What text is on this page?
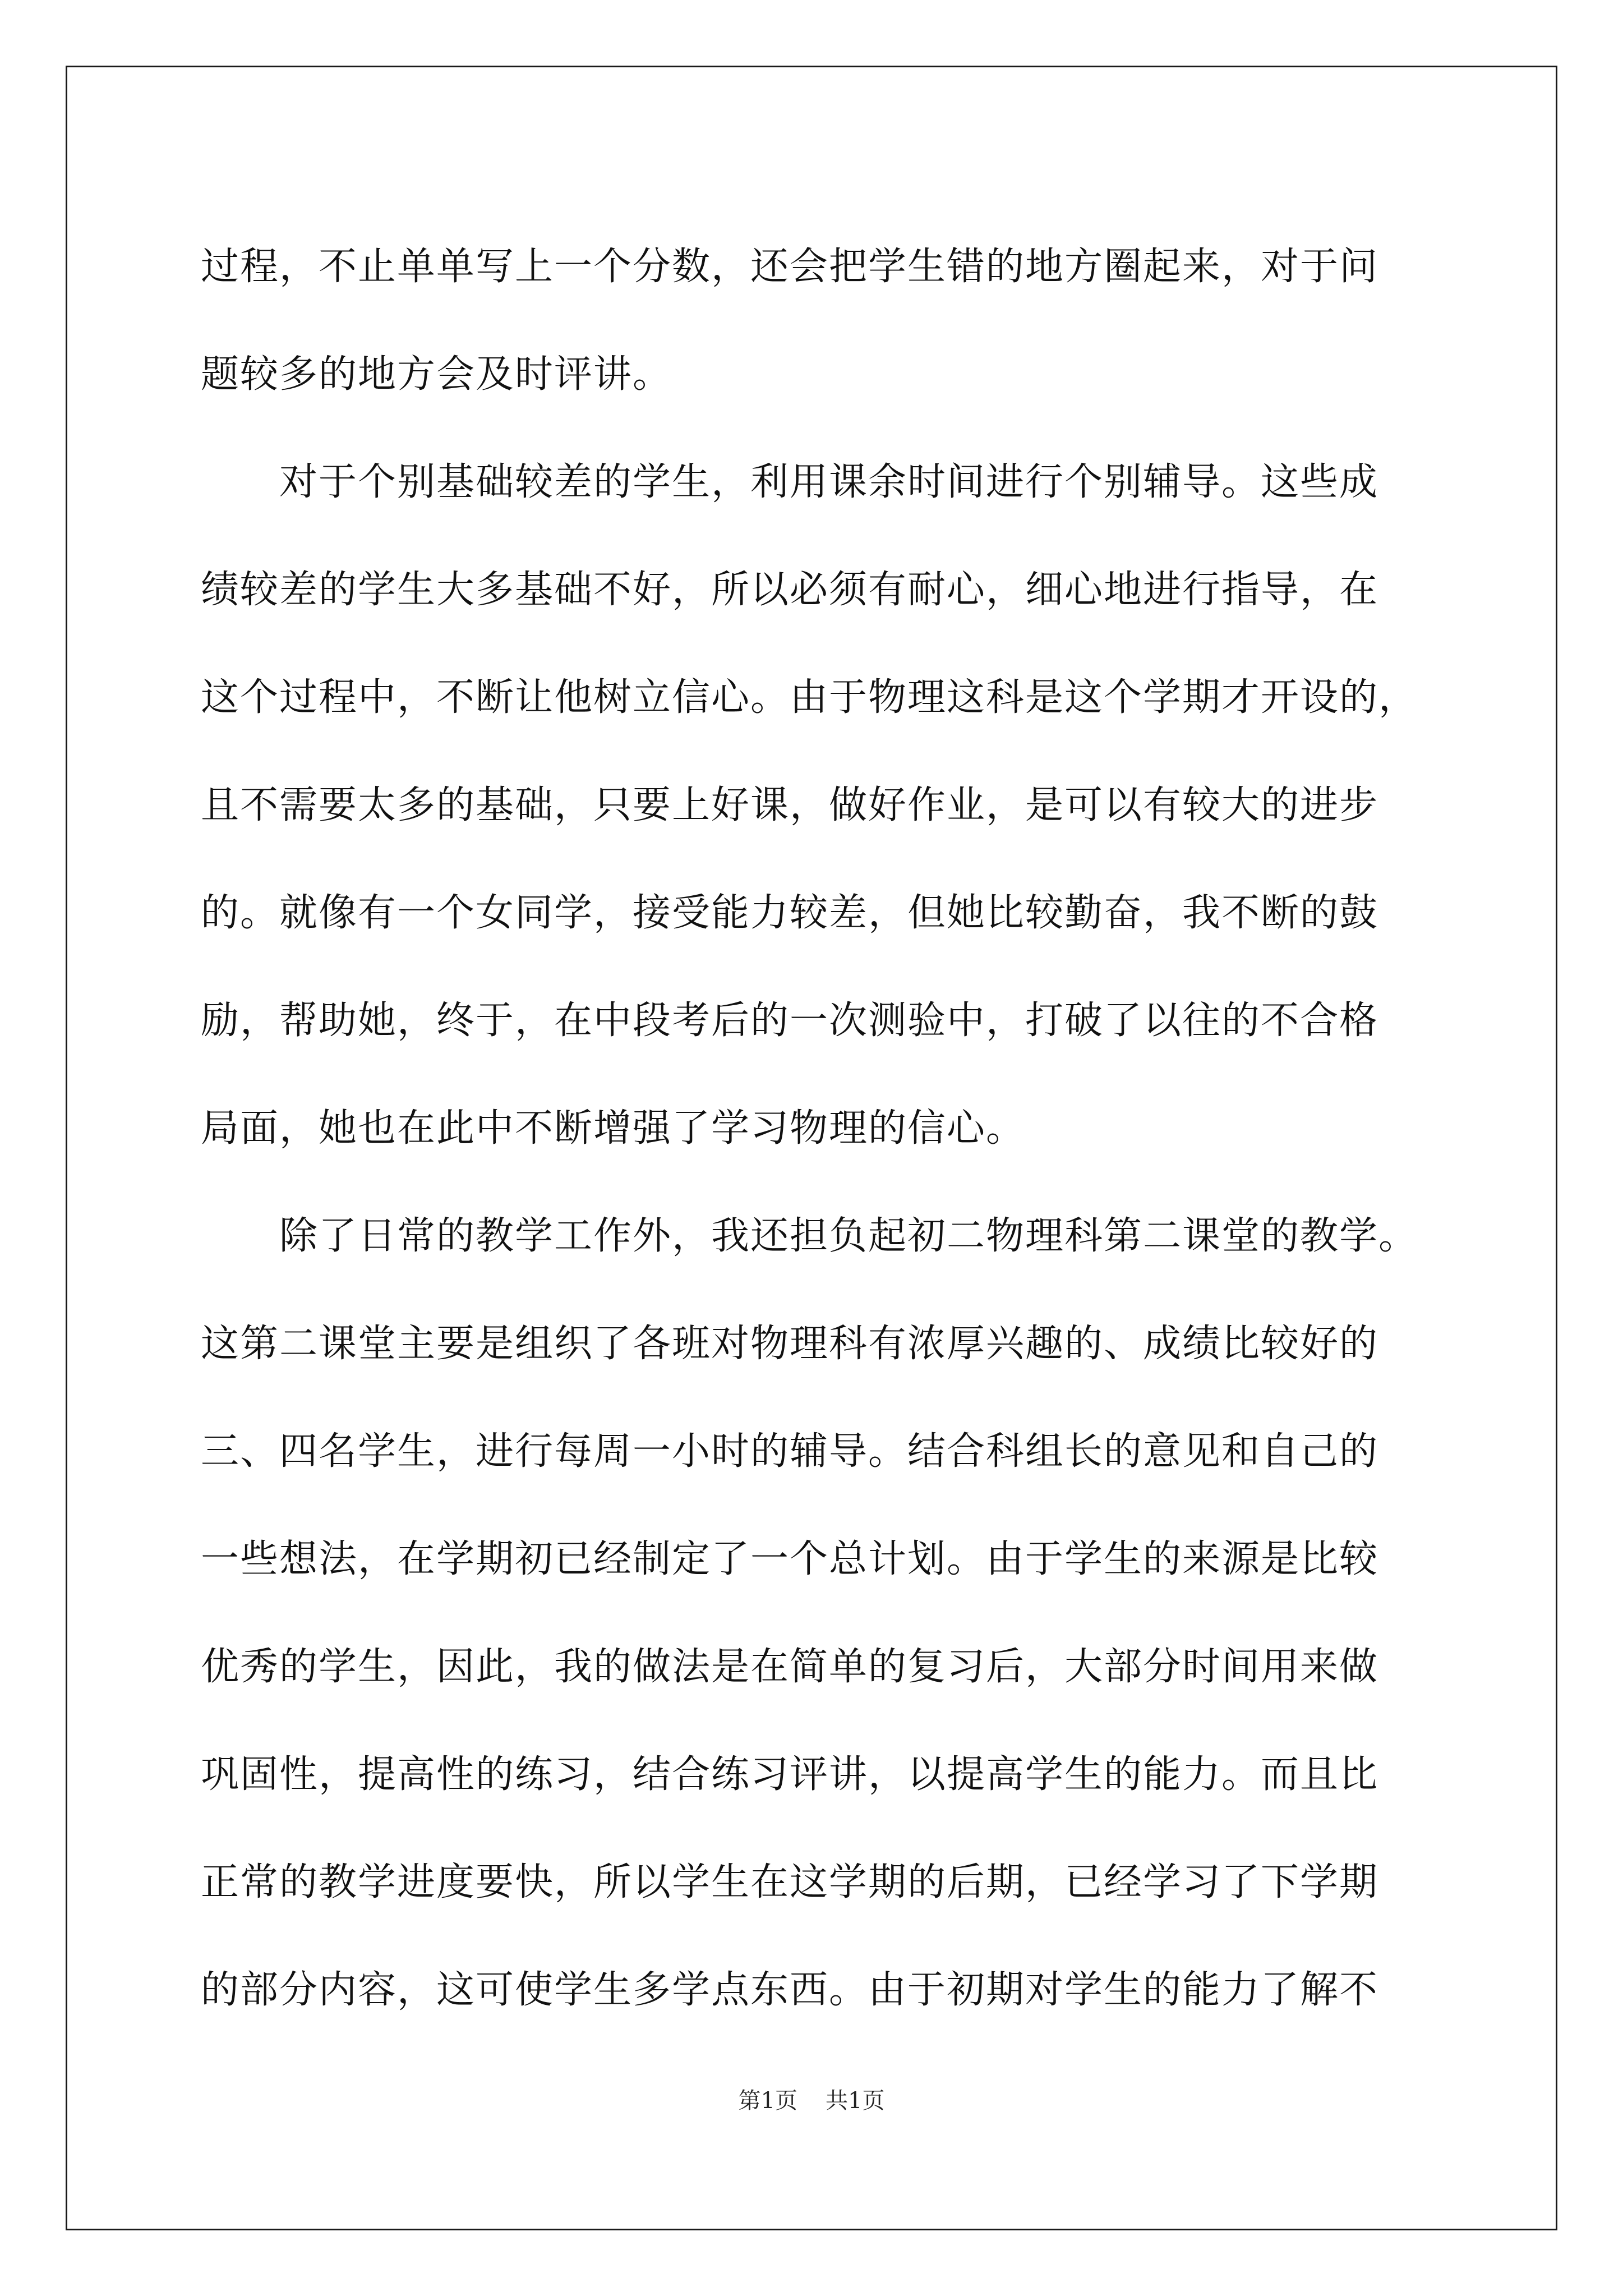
过程，不止单单写上一个分数，还会把学生错的地方圈起来，对于问
题较多的地方会及时评讲。
对于个别基础较差的学生，利用课余时间进行个别辅导。这些成
绩较差的学生大多基础不好，所以必须有耐心，细心地进行指导，在
这个过程中，不断让他树立信心。由于物理这科是这个学期才开设的，
且不需要太多的基础，只要上好课，做好作业，是可以有较大的进步
的。就像有一个女同学，接受能力较差，但她比较勤奋，我不断的鼓
励，帮助她，终于，在中段考后的一次测验中，打破了以往的不合格
局面，她也在此中不断增强了学习物理的信心。
除了日常的教学工作外，我还担负起初二物理科第二课堂的教学。
这第二课堂主要是组织了各班对物理科有浓厚兴趣的、成绩比较好的
三、四名学生，进行每周一小时的辅导。结合科组长的意见和自己的
一些想法，在学期初已经制定了一个总计划。由于学生的来源是比较
优秀的学生，因此，我的做法是在简单的复习后，大部分时间用来做
巩固性，提高性的练习，结合练习评讲，以提高学生的能力。而且比
正常的教学进度要快，所以学生在这学期的后期，已经学习了下学期
的部分内容，这可使学生多学点东西。由于初期对学生的能力了解不
第1页 共1页
